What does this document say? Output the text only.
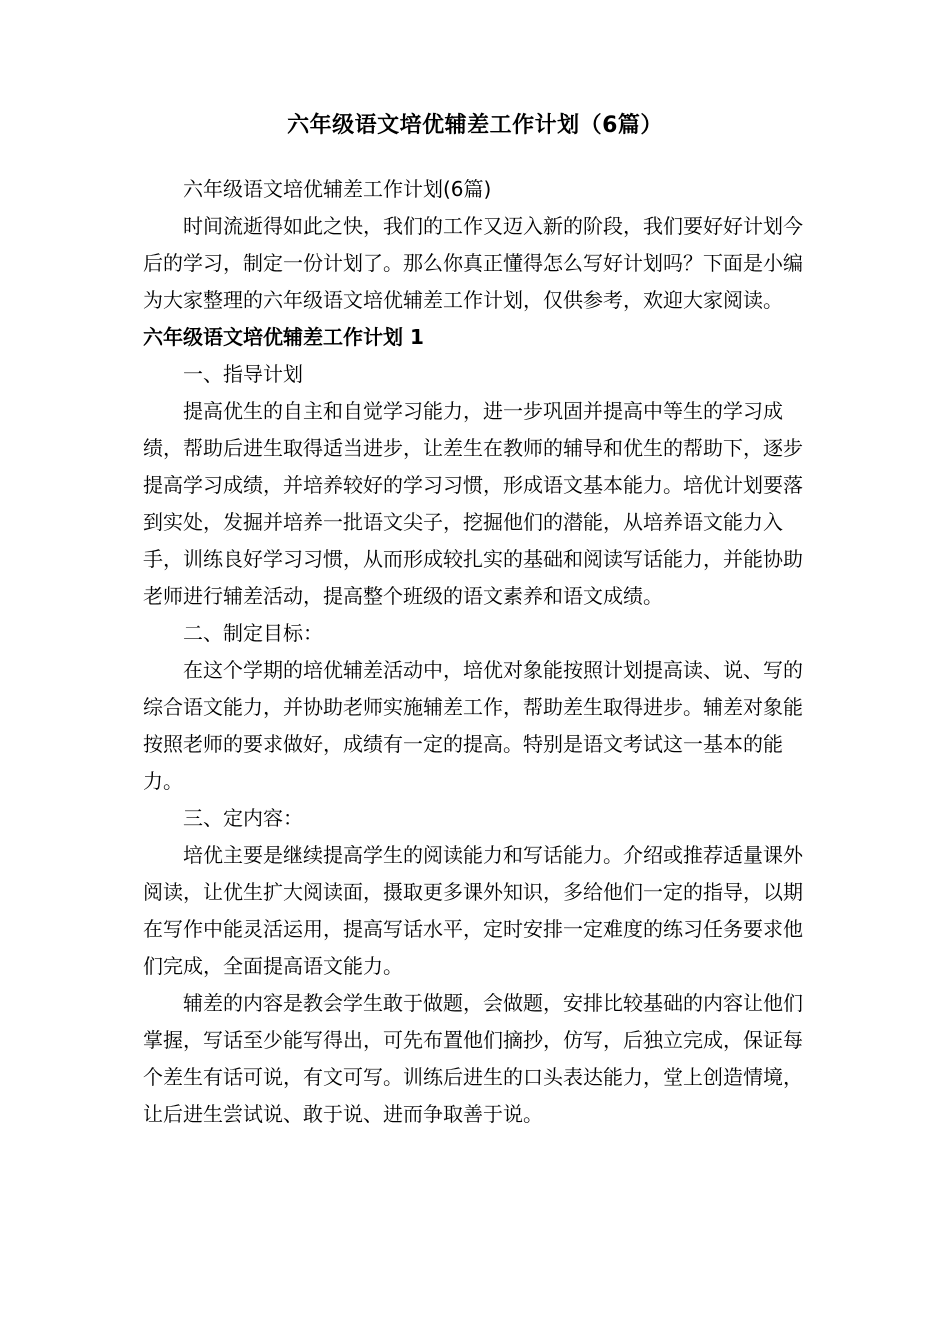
六年级语文培优辅差工作计划（6篇）

六年级语文培优辅差工作计划(6篇)

时间流逝得如此之快，我们的工作又迈入新的阶段，我们要好好计划今后的学习，制定一份计划了。那么你真正懂得怎么写好计划吗？下面是小编为大家整理的六年级语文培优辅差工作计划，仅供参考，欢迎大家阅读。

六年级语文培优辅差工作计划 1

一、指导计划

提高优生的自主和自觉学习能力，进一步巩固并提高中等生的学习成绩，帮助后进生取得适当进步，让差生在教师的辅导和优生的帮助下，逐步提高学习成绩，并培养较好的学习习惯，形成语文基本能力。培优计划要落到实处，发掘并培养一批语文尖子，挖掘他们的潜能，从培养语文能力入手，训练良好学习习惯，从而形成较扎实的基础和阅读写话能力，并能协助老师进行辅差活动，提高整个班级的语文素养和语文成绩。

二、制定目标：

在这个学期的培优辅差活动中，培优对象能按照计划提高读、说、写的综合语文能力，并协助老师实施辅差工作，帮助差生取得进步。辅差对象能按照老师的要求做好，成绩有一定的提高。特别是语文考试这一基本的能力。

三、定内容：

培优主要是继续提高学生的阅读能力和写话能力。介绍或推荐适量课外阅读，让优生扩大阅读面，摄取更多课外知识，多给他们一定的指导，以期在写作中能灵活运用，提高写话水平，定时安排一定难度的练习任务要求他们完成，全面提高语文能力。

辅差的内容是教会学生敢于做题，会做题，安排比较基础的内容让他们掌握，写话至少能写得出，可先布置他们摘抄，仿写，后独立完成，保证每个差生有话可说，有文可写。训练后进生的口头表达能力，堂上创造情境，让后进生尝试说、敢于说、进而争取善于说。
